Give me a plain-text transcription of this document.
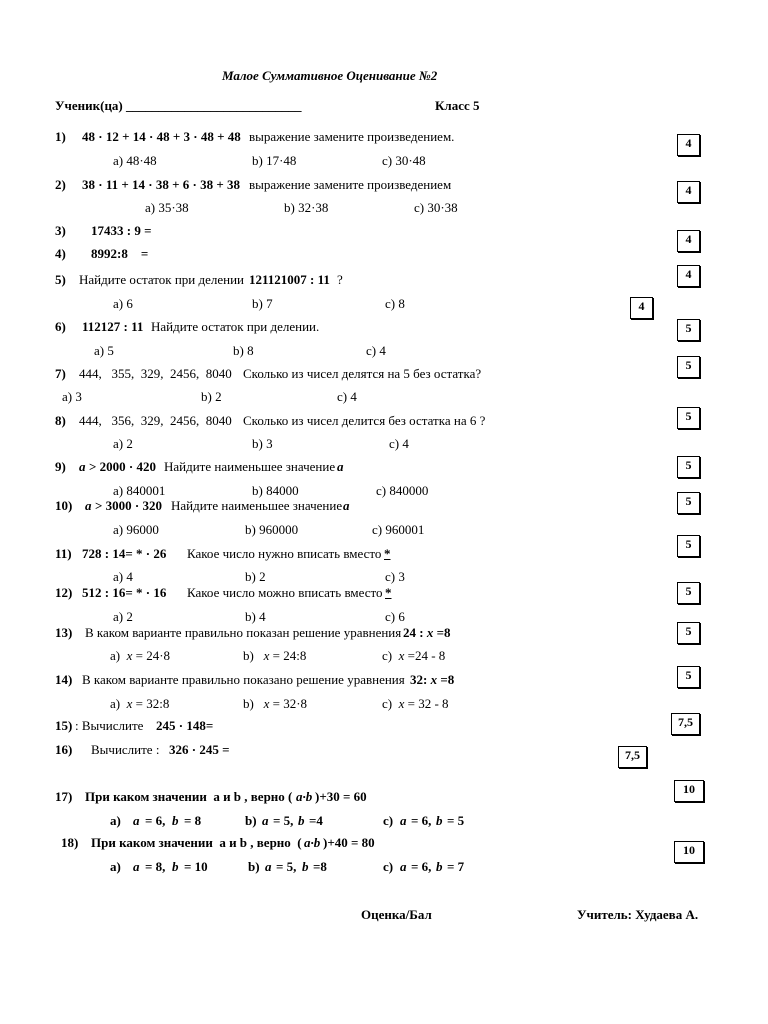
Малое Суммативное Оценивание №2
Ученик(ца) ___________________________	Класс 5
1) 48 · 12 + 14 · 48 + 3 · 48 + 48 выражение замените произведением.
a) 48·48	b) 17·48	c) 30·48
4
2) 38 · 11 + 14 · 38 + 6 · 38 + 38 выражение замените произведением
a) 35·38	b) 32·38	c) 30·38
4
3) 17433 : 9 =
4
4) 8992:8    =
4
5) Найдите остаток при делении 121121007 : 11 ?
a) 6	b) 7	c) 8	4
6) 112127 : 11 Найдите остаток при делении.
a) 5	b) 8	c) 4
5
7) 444,   355,  329,  2456,  8040 Сколько из чисел делятся на 5 без остатка?
a) 3	b) 2	c) 4
5
8) 444,   356,  329,  2456,  8040 Сколько из чисел делится без остатка на 6 ?
a) 2	b) 3	c) 4
5
9) a > 2000 · 420 Найдите наименьшее значение a
a) 840001	b) 84000	c) 840000
5
10) a > 3000 · 320 Найдите наименьшее значение a
a) 96000	b) 960000	c) 960001
5
11) 728 : 14= * · 26 Какое число нужно вписать вместо *
a) 4	b) 2	c) 3
5
12) 512 : 16= * · 16 Какое число можно вписать вместо *
a) 2	b) 4	c) 6
5
13) В каком варианте правильно показан решение уравнения 24 : x =8
a)  x = 24·8	b)   x = 24:8	c)  x =24 - 8
5
14) В каком варианте правильно показано решение уравнения 32: x =8
a)  x = 32:8	b)   x = 32·8	c)  x = 32 - 8
5
15) : Вычислите 245 · 148=	7,5
16) Вычислите : 326 · 245 =	7,5
17) При каком значении  a и b , верно ( a·b )+30 = 60
a) a = 6, b = 8	b) a = 5, b =4	c) a = 6, b = 5
10
18) При каком значении  a и b , верно  ( a·b )+40 = 80
a) a = 8, b = 10	b) a = 5, b =8	c) a = 6, b = 7
10
Оценка/Бал	Учитель: Худаева А.
